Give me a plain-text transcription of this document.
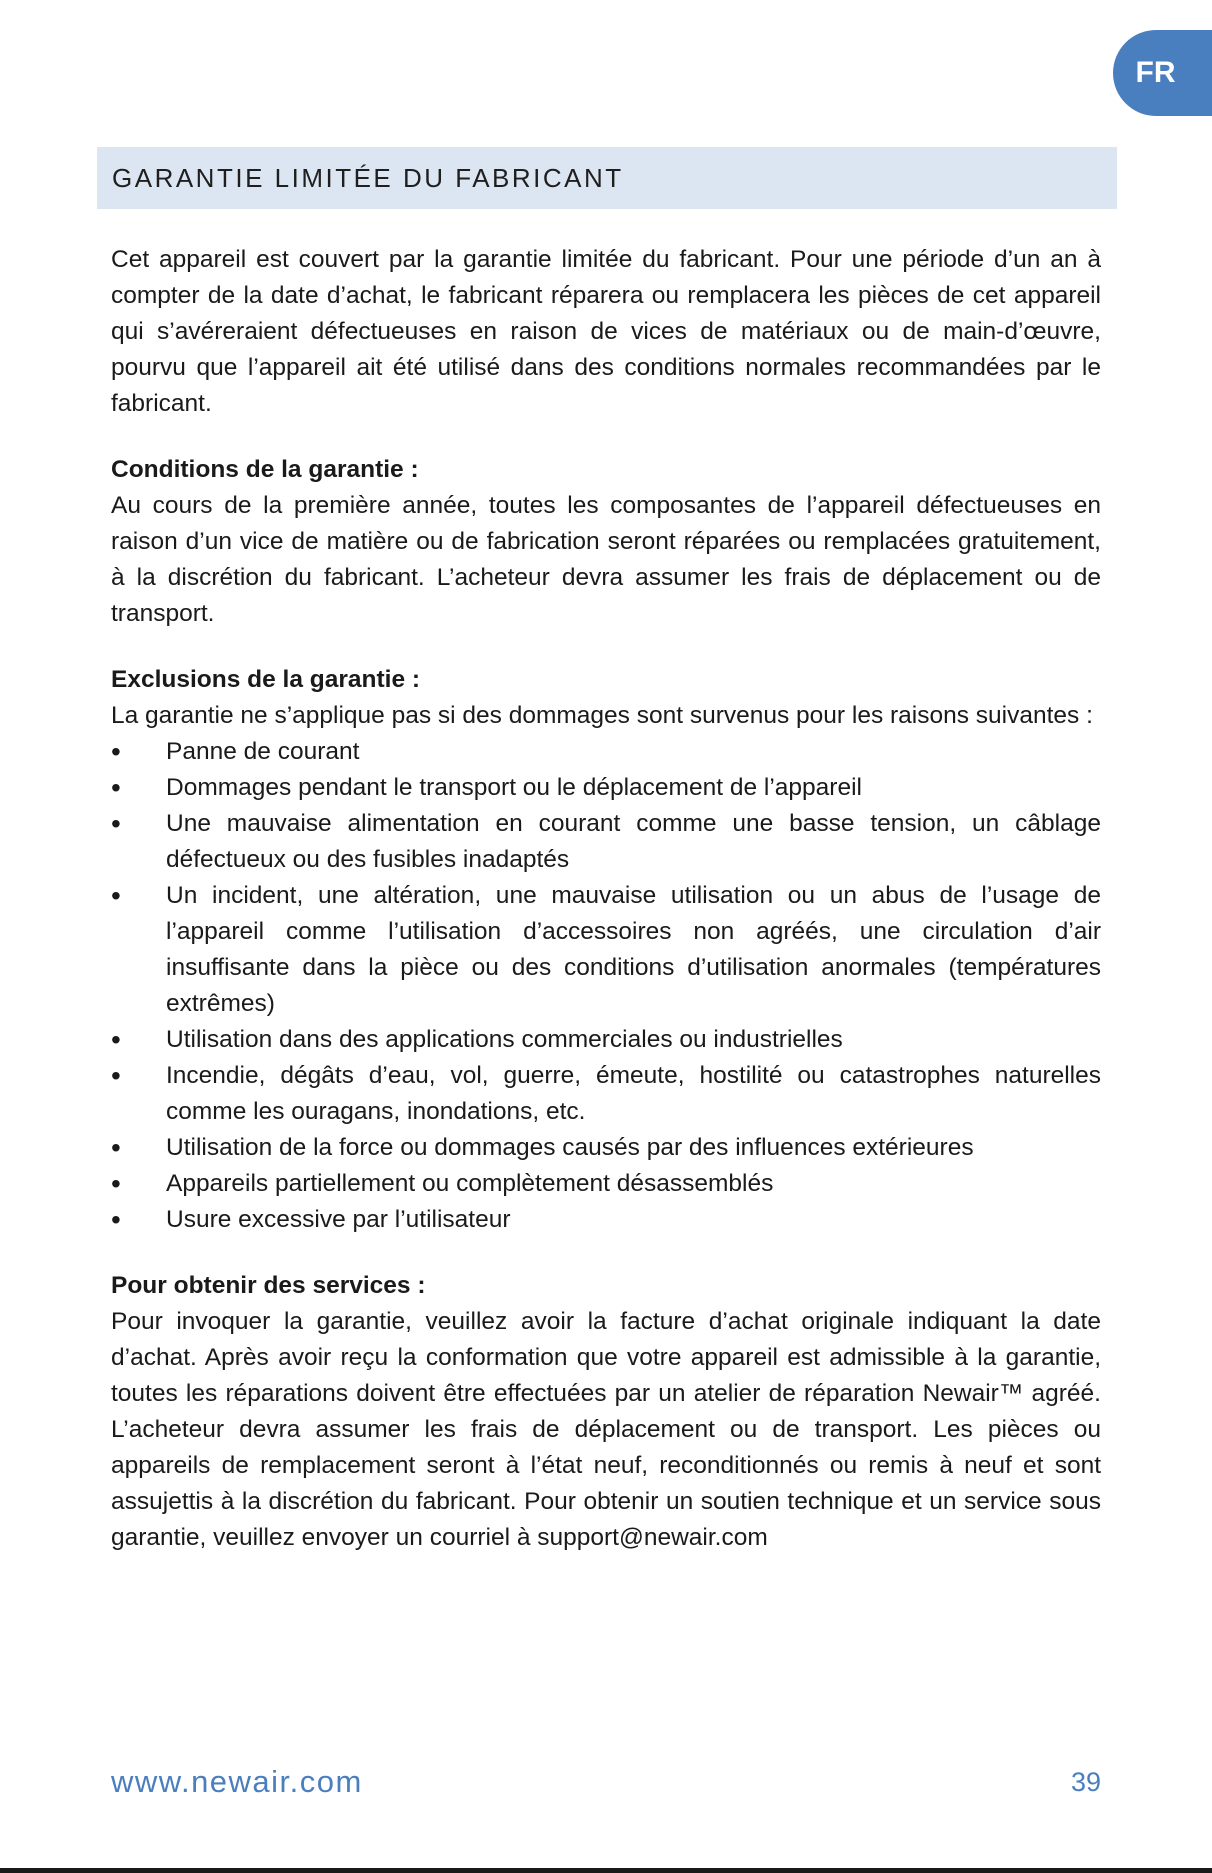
FR
GARANTIE LIMITÉE DU FABRICANT

Cet appareil est couvert par la garantie limitée du fabricant. Pour une période d’un an à compter de la date d’achat, le fabricant réparera ou remplacera les pièces de cet appareil qui s’avéreraient défectueuses en raison de vices de matériaux ou de main-d’œuvre, pourvu que l’appareil ait été utilisé dans des conditions normales recommandées par le fabricant.

Conditions de la garantie :

Au cours de la première année, toutes les composantes de l’appareil défectueuses en raison d’un vice de matière ou de fabrication seront réparées ou remplacées gratuitement, à la discrétion du fabricant. L’acheteur devra assumer les frais de déplacement ou de transport.

Exclusions de la garantie :

La garantie ne s’applique pas si des dommages sont survenus pour les raisons suivantes :

• Panne de courant
• Dommages pendant le transport ou le déplacement de l’appareil
• Une mauvaise alimentation en courant comme une basse tension, un câblage défectueux ou des fusibles inadaptés
• Un incident, une altération, une mauvaise utilisation ou un abus de l’usage de l’appareil comme l’utilisation d’accessoires non agréés, une circulation d’air insuffisante dans la pièce ou des conditions d’utilisation anormales (températures extrêmes)
• Utilisation dans des applications commerciales ou industrielles
• Incendie, dégâts d’eau, vol, guerre, émeute, hostilité ou catastrophes naturelles comme les ouragans, inondations, etc.
• Utilisation de la force ou dommages causés par des influences extérieures
• Appareils partiellement ou complètement désassemblés
• Usure excessive par l’utilisateur

Pour obtenir des services :

Pour invoquer la garantie, veuillez avoir la facture d’achat originale indiquant la date d’achat. Après avoir reçu la conformation que votre appareil est admissible à la garantie, toutes les réparations doivent être effectuées par un atelier de réparation Newair™ agréé. L’acheteur devra assumer les frais de déplacement ou de transport. Les pièces ou appareils de remplacement seront à l’état neuf, reconditionnés ou remis à neuf et sont assujettis à la discrétion du fabricant. Pour obtenir un soutien technique et un service sous garantie, veuillez envoyer un courriel à support@newair.com

www.newair.com	39
